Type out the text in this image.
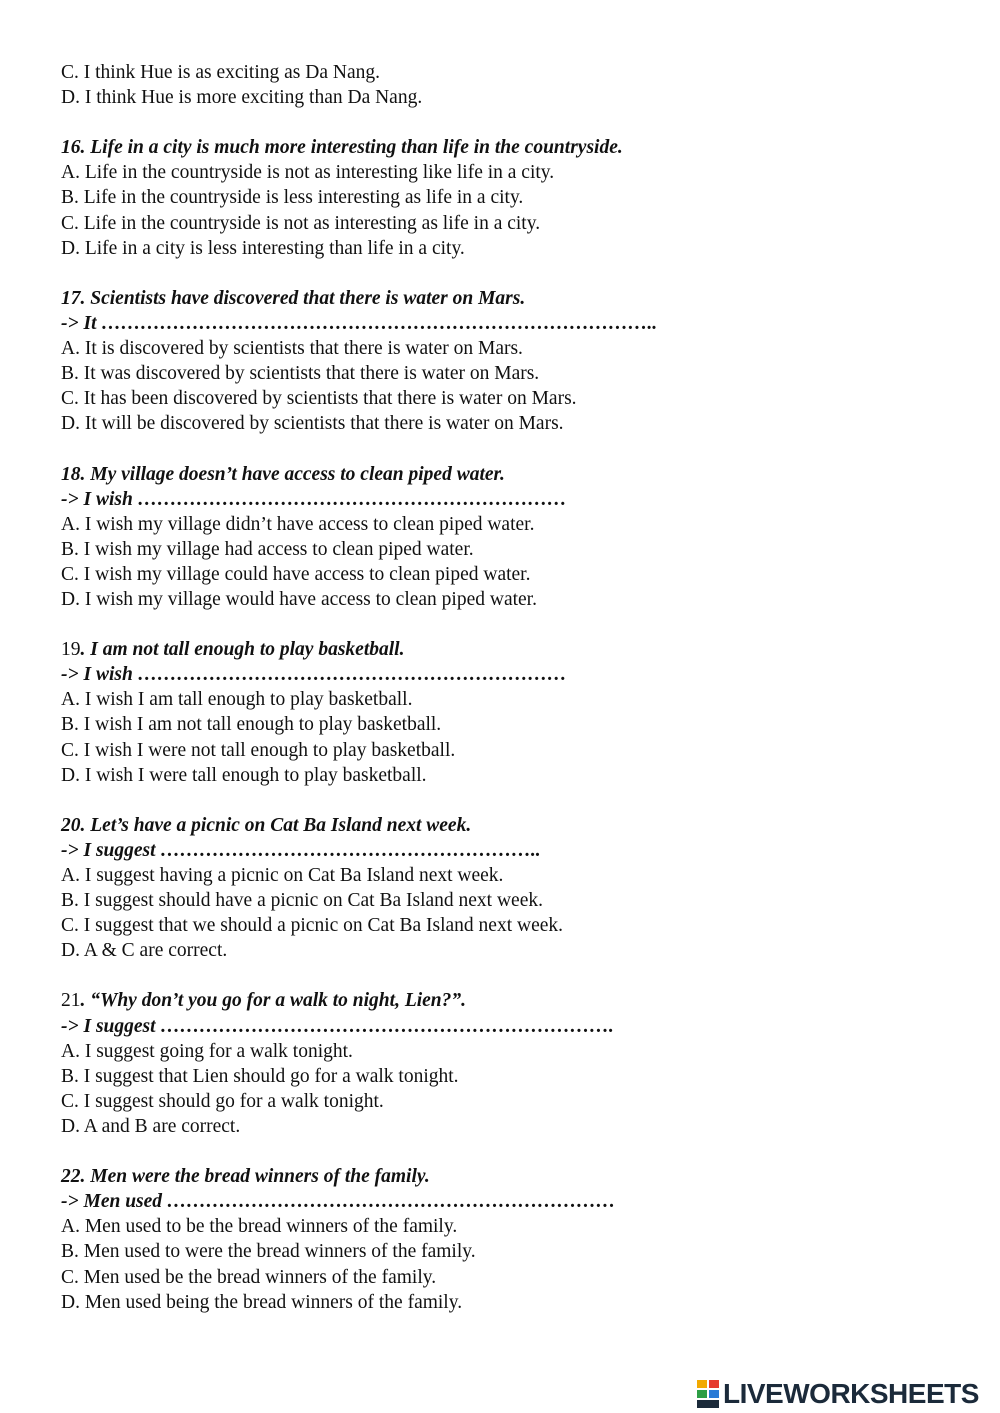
C. I think Hue is as exciting as Da Nang.
D. I think Hue is more exciting than Da Nang.
16. Life in a city is much more interesting than life in the countryside.
A. Life in the countryside is not as interesting like life in a city.
B. Life in the countryside is less interesting as life in a city.
C. Life in the countryside is not as interesting as life in a city.
D. Life in a city is less interesting than life in a city.
17. Scientists have discovered that there is water on Mars.
-> It …………………………………………………………………………..
A. It is discovered by scientists that there is water on Mars.
B. It was discovered by scientists that there is water on Mars.
C. It has been discovered by scientists that there is water on Mars.
D. It will be discovered by scientists that there is water on Mars.
18. My village doesn’t have access to clean piped water.
-> I wish …………………………………………………………
A. I wish my village didn’t have access to clean piped water.
B. I wish my village had access to clean piped water.
C. I wish my village could have access to clean piped water.
D. I wish my village would have access to clean piped water.
19. I am not tall enough to play basketball.
-> I wish …………………………………………………………
A. I wish I am tall enough to play basketball.
B. I wish I am not tall enough to play basketball.
C. I wish I were not tall enough to play basketball.
D. I wish I were tall enough to play basketball.
20. Let’s have a picnic on Cat Ba Island next week.
-> I suggest …………………………………………………..
A. I suggest having a picnic on Cat Ba Island next week.
B. I suggest should have a picnic on Cat Ba Island next week.
C. I suggest that we should a picnic on Cat Ba Island next week.
D. A & C are correct.
21. “Why don’t you go for a walk to night, Lien?”.
-> I suggest …………………………………………………………….
A. I suggest going for a walk tonight.
B. I suggest that Lien should go for a walk tonight.
C. I suggest should go for a walk tonight.
D. A and B are correct.
22. Men were the bread winners of the family.
-> Men used ……………………………………………………………
A. Men used to be the bread winners of the family.
B. Men used to were the bread winners of the family.
C. Men used be the bread winners of the family.
D. Men used being the bread winners of the family.
LIVEWORKSHEETS
